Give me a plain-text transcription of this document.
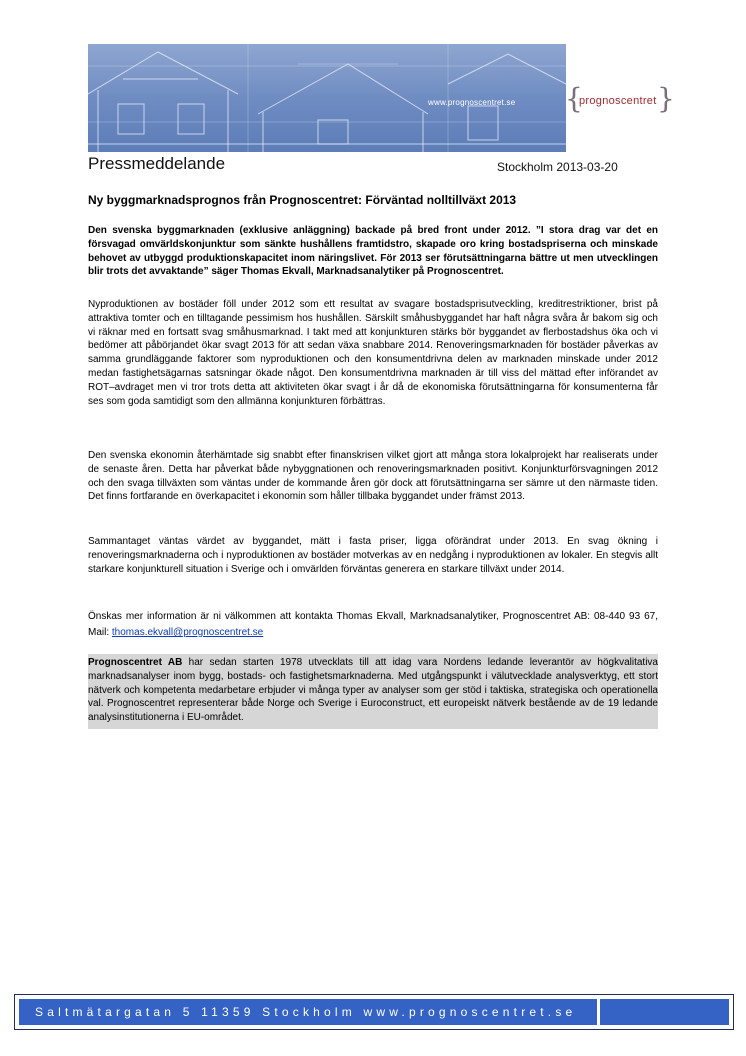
www.prognoscentret.se {
prognoscentret }
Pressmeddelande	Stockholm 2013-03-20
Ny byggmarknadsprognos från Prognoscentret: Förväntad nolltillväxt 2013

Den svenska byggmarknaden (exklusive anläggning) backade på bred front under 2012. ”I stora drag var det en försvagad omvärldskonjunktur som sänkte hushållens framtidstro, skapade oro kring bostadspriserna och minskade behovet av utbyggd produktionskapacitet inom näringslivet. För 2013 ser förutsättningarna bättre ut men utvecklingen blir trots det avvaktande” säger Thomas Ekvall, Marknadsanalytiker på Prognoscentret.

Nyproduktionen av bostäder föll under 2012 som ett resultat av svagare bostadsprisutveckling, kreditrestriktioner, brist på attraktiva tomter och en tilltagande pessimism hos hushållen. Särskilt småhusbyggandet har haft några svåra år bakom sig och vi räknar med en fortsatt svag småhusmarknad. I takt med att konjunkturen stärks bör byggandet av flerbostadshus öka och vi bedömer att påbörjandet ökar svagt 2013 för att sedan växa snabbare 2014. Renoveringsmarknaden för bostäder påverkas av samma grundläggande faktorer som nyproduktionen och den konsumentdrivna delen av marknaden minskade under 2012 medan fastighetsägarnas satsningar ökade något. Den konsumentdrivna marknaden är till viss del mättad efter införandet av ROT–avdraget men vi tror trots detta att aktiviteten ökar svagt i år då de ekonomiska förutsättningarna för konsumenterna får ses som goda samtidigt som den allmänna konjunkturen förbättras.

Den svenska ekonomin återhämtade sig snabbt efter finanskrisen vilket gjort att många stora lokalprojekt har realiserats under de senaste åren. Detta har påverkat både nybyggnationen och renoveringsmarknaden positivt. Konjunkturförsvagningen 2012 och den svaga tillväxten som väntas under de kommande åren gör dock att förutsättningarna ser sämre ut den närmaste tiden. Det finns fortfarande en överkapacitet i ekonomin som håller tillbaka byggandet under främst 2013.

Sammantaget väntas värdet av byggandet, mätt i fasta priser, ligga oförändrat under 2013. En svag ökning i renoveringsmarknaderna och i nyproduktionen av bostäder motverkas av en nedgång i nyproduktionen av lokaler. En stegvis allt starkare konjunkturell situation i Sverige och i omvärlden förväntas generera en starkare tillväxt under 2014.

Önskas mer information är ni välkommen att kontakta Thomas Ekvall, Marknadsanalytiker, Prognoscentret AB: 08-440 93 67, Mail: thomas.ekvall@prognoscentret.se

Prognoscentret AB har sedan starten 1978 utvecklats till att idag vara Nordens ledande leverantör av högkvalitativa marknadsanalyser inom bygg, bostads- och fastighetsmarknaderna. Med utgångspunkt i välutvecklade analysverktyg, ett stort nätverk och kompetenta medarbetare erbjuder vi många typer av analyser som ger stöd i taktiska, strategiska och operationella val. Prognoscentret representerar både Norge och Sverige i Euroconstruct, ett europeiskt nätverk bestående av de 19 ledande analysinstitutionerna i EU-området.
Saltmätargatan 5 11359 Stockholm www.prognoscentret.se
